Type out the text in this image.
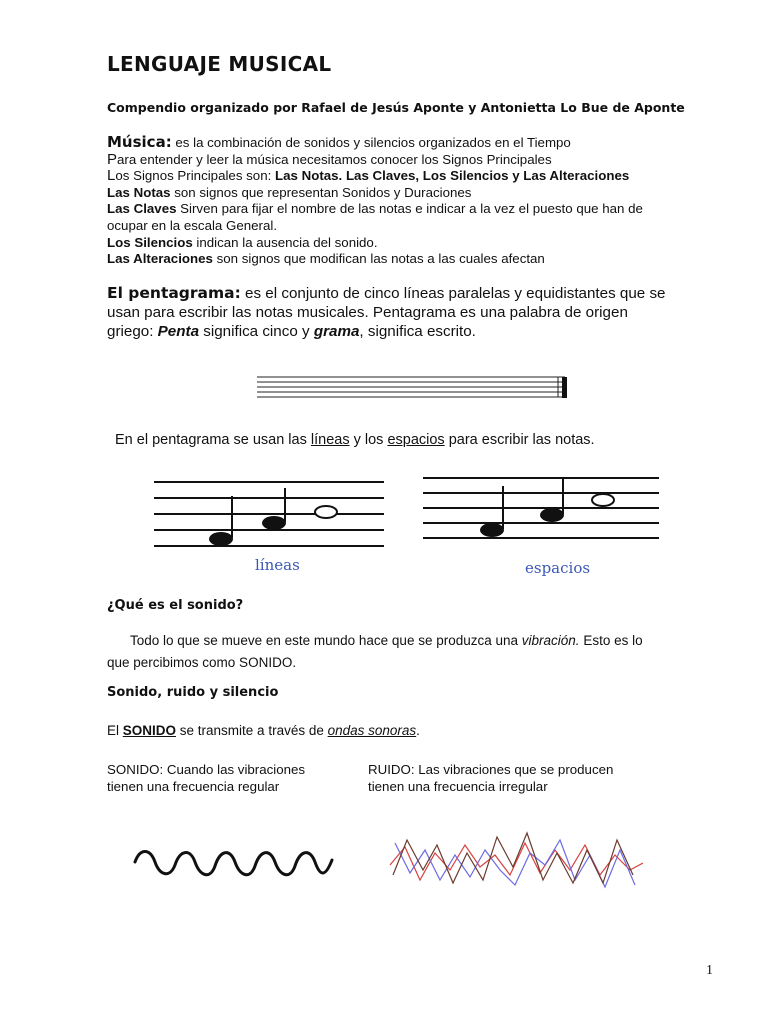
LENGUAJE MUSICAL
Compendio organizado por Rafael de Jesús Aponte y Antonietta Lo Bue de Aponte
Música: es la combinación de sonidos y silencios organizados en el Tiempo
Para entender y leer la música necesitamos conocer los Signos Principales
Los Signos Principales son: Las Notas. Las Claves, Los Silencios y Las Alteraciones
Las Notas son signos que representan Sonidos y Duraciones
Las Claves Sirven para fijar el nombre de las notas e indicar a la vez el puesto que han de
ocupar en la escala General.
Los Silencios indican la ausencia del sonido.
Las Alteraciones son signos que modifican las notas a las cuales afectan
El pentagrama: es el conjunto de cinco líneas paralelas y equidistantes que se
usan para escribir las notas musicales. Pentagrama es una palabra de origen
griego: Penta significa cinco y grama, significa escrito.
En el pentagrama se usan las líneas y los espacios para escribir las notas.
líneas	espacios
¿Qué es el sonido?
Todo lo que se mueve en este mundo hace que se produzca una vibración. Esto es lo
que percibimos como SONIDO.
Sonido, ruido y silencio
El SONIDO se transmite a través de ondas sonoras.
SONIDO: Cuando las vibraciones
tienen una frecuencia regular
RUIDO: Las vibraciones que se producen
tienen una frecuencia irregular
1
